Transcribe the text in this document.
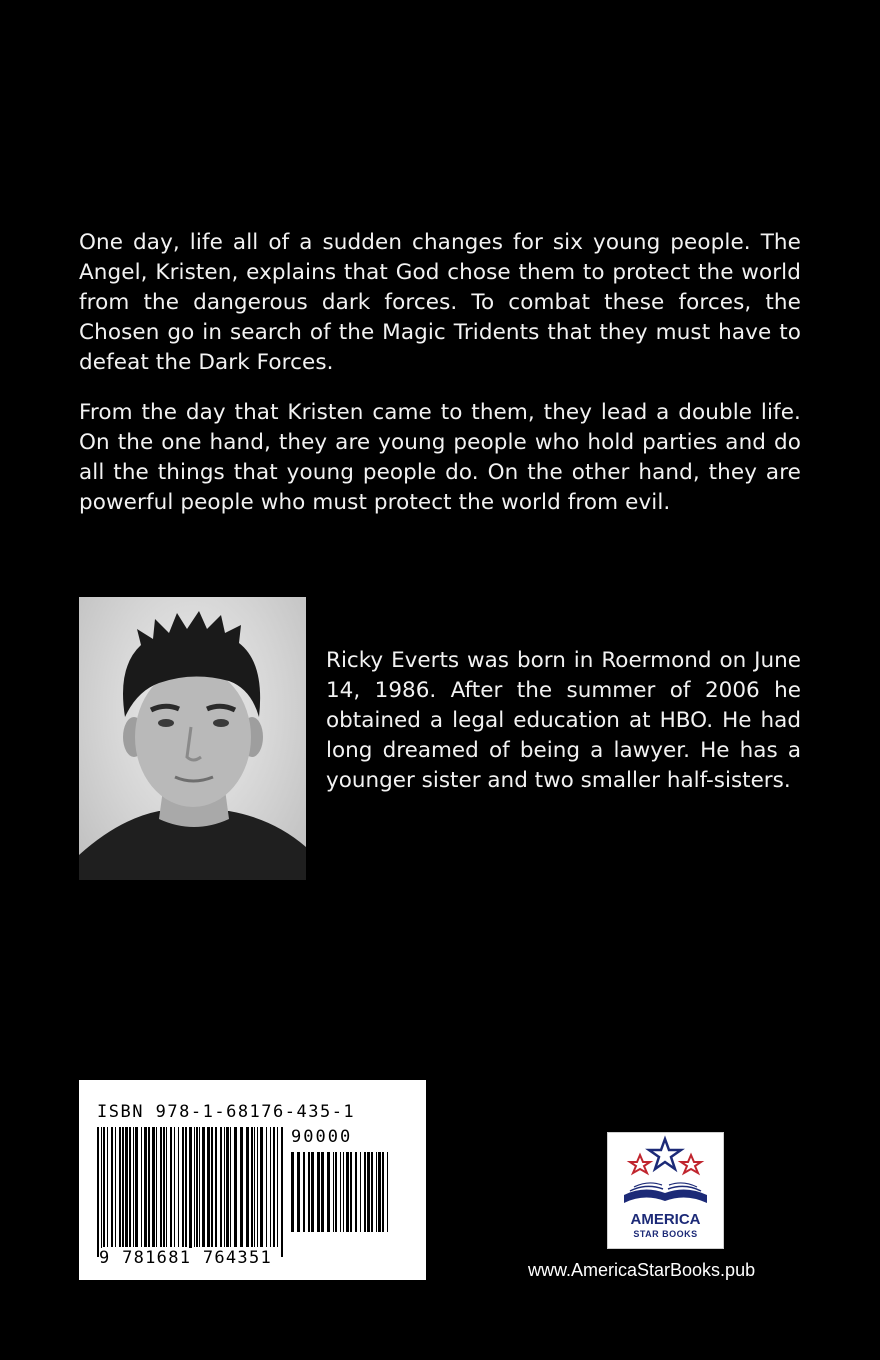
One day, life all of a sudden changes for six young people. The Angel, Kristen, explains that God chose them to protect the world from the dangerous dark forces. To combat these forces, the Chosen go in search of the Magic Tridents that they must have to defeat the Dark Forces.

From the day that Kristen came to them, they lead a double life. On the one hand, they are young people who hold parties and do all the things that young people do. On the other hand, they are powerful people who must protect the world from evil.

Ricky Everts was born in Roermond on June 14, 1986. After the summer of 2006 he obtained a legal education at HBO. He had long dreamed of being a lawyer. He has a younger sister and two smaller half-sisters.

ISBN 978-1-68176-435-1
90000
9 781681 764351
AMERICA
STAR BOOKS
www.AmericaStarBooks.pub
